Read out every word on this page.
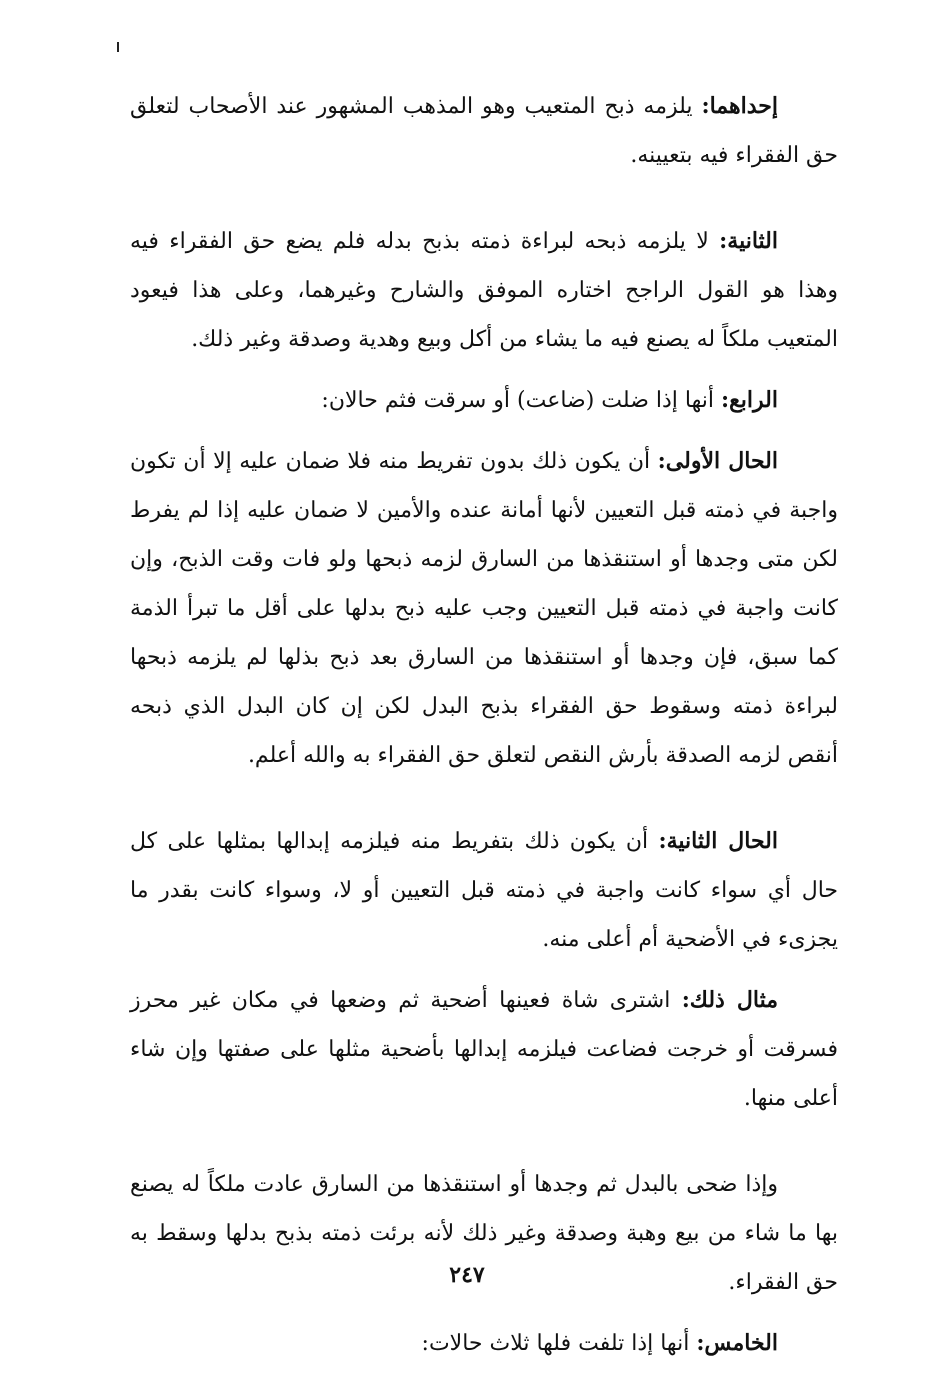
إحداهما: يلزمه ذبح المتعيب وهو المذهب المشهور عند الأصحاب لتعلق حق الفقراء فيه بتعيينه.

الثانية: لا يلزمه ذبحه لبراءة ذمته بذبح بدله فلم يضع حق الفقراء فيه وهذا هو القول الراجح اختاره الموفق والشارح وغيرهما، وعلى هذا فيعود المتعيب ملكاً له يصنع فيه ما يشاء من أكل وبيع وهدية وصدقة وغير ذلك.

الرابع: أنها إذا ضلت (ضاعت) أو سرقت فثم حالان:

الحال الأولى: أن يكون ذلك بدون تفريط منه فلا ضمان عليه إلا أن تكون واجبة في ذمته قبل التعيين لأنها أمانة عنده والأمين لا ضمان عليه إذا لم يفرط لكن متى وجدها أو استنقذها من السارق لزمه ذبحها ولو فات وقت الذبح، وإن كانت واجبة في ذمته قبل التعيين وجب عليه ذبح بدلها على أقل ما تبرأ الذمة كما سبق، فإن وجدها أو استنقذها من السارق بعد ذبح بذلها لم يلزمه ذبحها لبراءة ذمته وسقوط حق الفقراء بذبح البدل لكن إن كان البدل الذي ذبحه أنقص لزمه الصدقة بأرش النقص لتعلق حق الفقراء به والله أعلم.

الحال الثانية: أن يكون ذلك بتفريط منه فيلزمه إبدالها بمثلها على كل حال أي سواء كانت واجبة في ذمته قبل التعيين أو لا، وسواء كانت بقدر ما يجزىء في الأضحية أم أعلى منه.

مثال ذلك: اشترى شاة فعينها أضحية ثم وضعها في مكان غير محرز فسرقت أو خرجت فضاعت فيلزمه إبدالها بأضحية مثلها على صفتها وإن شاء أعلى منها.

وإذا ضحى بالبدل ثم وجدها أو استنقذها من السارق عادت ملكاً له يصنع بها ما شاء من بيع وهبة وصدقة وغير ذلك لأنه برئت ذمته بذبح بدلها وسقط به حق الفقراء.

الخامس: أنها إذا تلفت فلها ثلاث حالات:

٢٤٧
